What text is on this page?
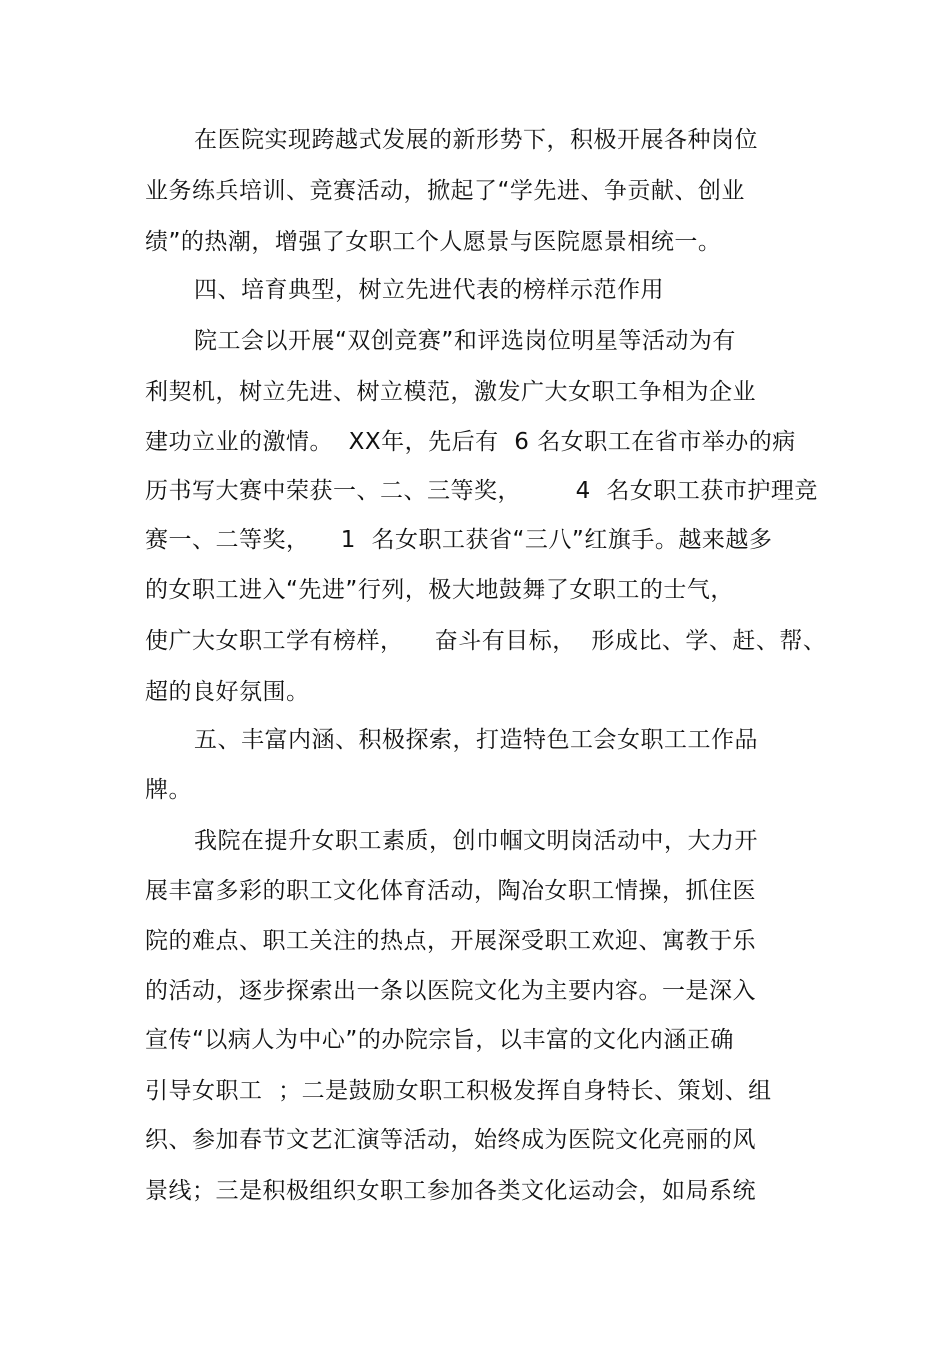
在医院实现跨越式发展的新形势下，积极开展各种岗位
业务练兵培训、竞赛活动，掀起了“学先进、争贡献、创业
绩”的热潮，增强了女职工个人愿景与医院愿景相统一。
四、培育典型，树立先进代表的榜样示范作用
院工会以开展“双创竞赛”和评选岗位明星等活动为有
利契机，树立先进、树立模范，激发广大女职工争相为企业
建功立业的激情。  XX年，先后有  6 名女职工在省市举办的病
历书写大赛中荣获一、二、三等奖，       4  名女职工获市护理竞
赛一、二等奖，    1  名女职工获省“三八”红旗手。越来越多
的女职工进入“先进”行列，极大地鼓舞了女职工的士气，
使广大女职工学有榜样，    奋斗有目标，  形成比、学、赶、帮、
超的良好氛围。
五、丰富内涵、积极探索，打造特色工会女职工工作品
牌。
我院在提升女职工素质，创巾帼文明岗活动中，大力开
展丰富多彩的职工文化体育活动，陶冶女职工情操，抓住医
院的难点、职工关注的热点，开展深受职工欢迎、寓教于乐
的活动，逐步探索出一条以医院文化为主要内容。一是深入
宣传“以病人为中心”的办院宗旨，以丰富的文化内涵正确
引导女职工  ；二是鼓励女职工积极发挥自身特长、策划、组
织、参加春节文艺汇演等活动，始终成为医院文化亮丽的风
景线；三是积极组织女职工参加各类文化运动会，如局系统
